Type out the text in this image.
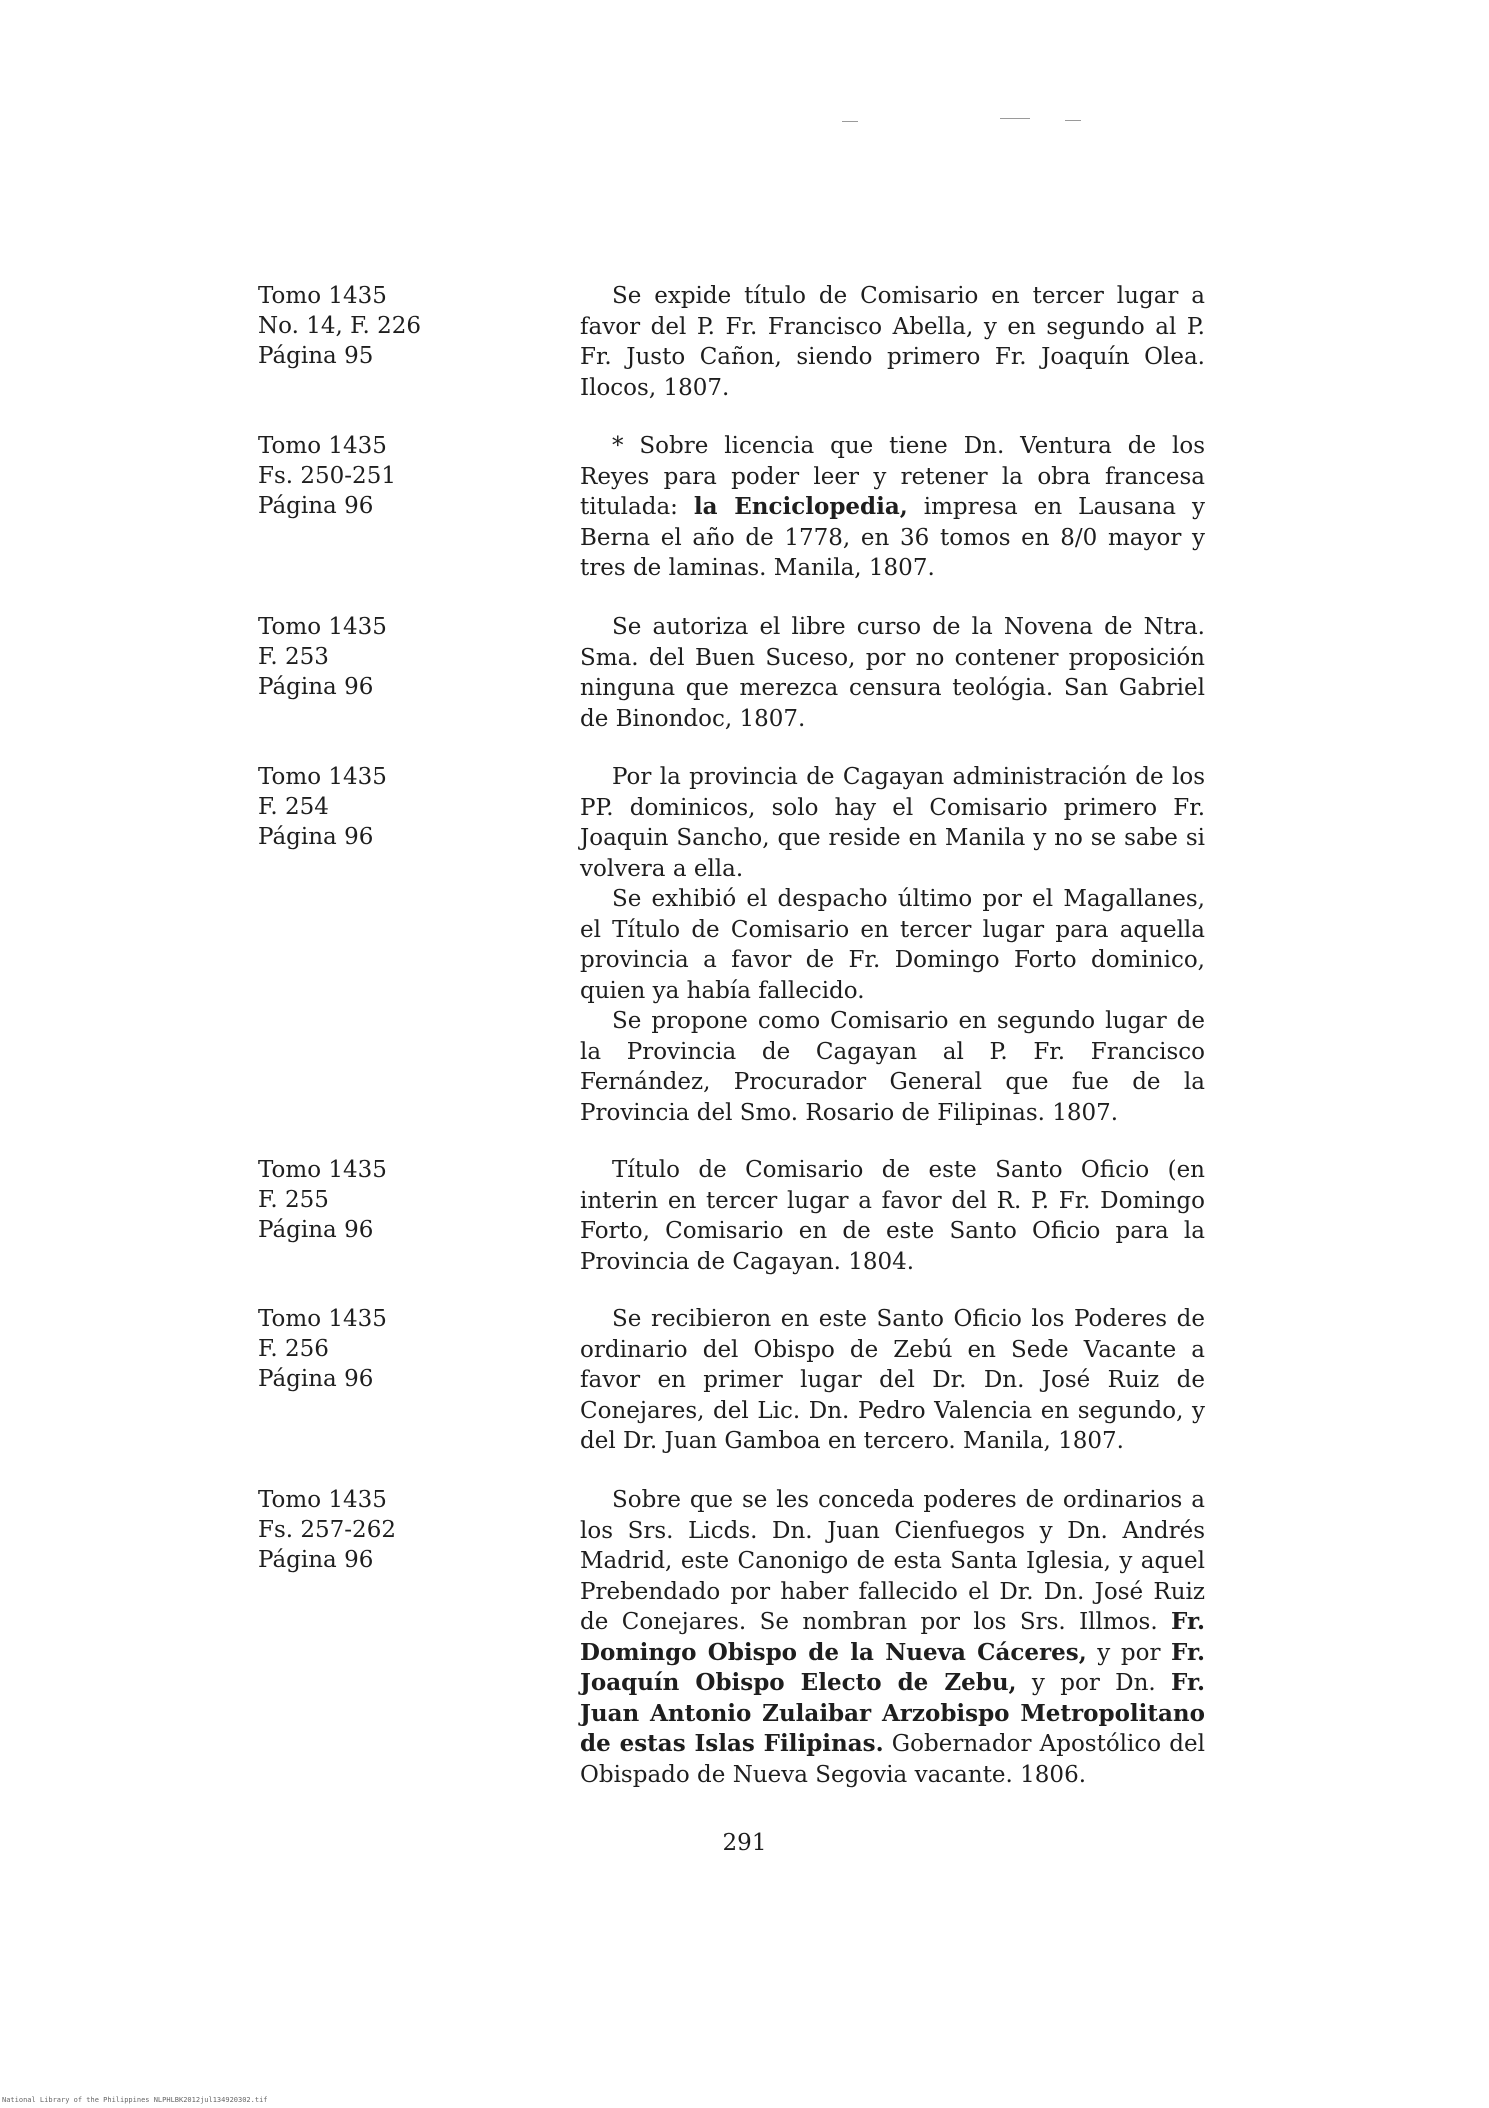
Tomo 1435
No. 14, F. 226
Página 95

Se expide título de Comisario en tercer lugar a favor del P. Fr. Francisco Abella, y en segundo al P. Fr. Justo Cañon, siendo primero Fr. Joaquín Olea. Ilocos, 1807.

Tomo 1435
Fs. 250-251
Página 96

* Sobre licencia que tiene Dn. Ventura de los Reyes para poder leer y retener la obra francesa titulada: la Enciclopedia, impresa en Lausana y Berna el año de 1778, en 36 tomos en 8/0 mayor y tres de laminas. Manila, 1807.

Tomo 1435
F. 253
Página 96

Se autoriza el libre curso de la Novena de Ntra. Sma. del Buen Suceso, por no contener proposición ninguna que merezca censura teológia. San Gabriel de Binondoc, 1807.

Tomo 1435
F. 254
Página 96

Por la provincia de Cagayan administración de los PP. dominicos, solo hay el Comisario primero Fr. Joaquin Sancho, que reside en Manila y no se sabe si volvera a ella.

Se exhibió el despacho último por el Magallanes, el Título de Comisario en tercer lugar para aquella provincia a favor de Fr. Domingo Forto dominico, quien ya había fallecido.

Se propone como Comisario en segundo lugar de la Provincia de Cagayan al P. Fr. Francisco Fernández, Procurador General que fue de la Provincia del Smo. Rosario de Filipinas. 1807.

Tomo 1435
F. 255
Página 96

Título de Comisario de este Santo Oficio (en interin en tercer lugar a favor del R. P. Fr. Domingo Forto, Comisario en de este Santo Oficio para la Provincia de Cagayan. 1804.

Tomo 1435
F. 256
Página 96

Se recibieron en este Santo Oficio los Poderes de ordinario del Obispo de Zebú en Sede Vacante a favor en primer lugar del Dr. Dn. José Ruiz de Conejares, del Lic. Dn. Pedro Valencia en segundo, y del Dr. Juan Gamboa en tercero. Manila, 1807.

Tomo 1435
Fs. 257-262
Página 96

Sobre que se les conceda poderes de ordinarios a los Srs. Licds. Dn. Juan Cienfuegos y Dn. Andrés Madrid, este Canonigo de esta Santa Iglesia, y aquel Prebendado por haber fallecido el Dr. Dn. José Ruiz de Conejares. Se nombran por los Srs. Illmos. Fr. Domingo Obispo de la Nueva Cáceres, y por Fr. Joaquín Obispo Electo de Zebu, y por Dn. Fr. Juan Antonio Zulaibar Arzobispo Metropolitano de estas Islas Filipinas. Gobernador Apostólico del Obispado de Nueva Segovia vacante. 1806.

291
National Library of the Philippines NLPHLBK2012jul134920302.tif
